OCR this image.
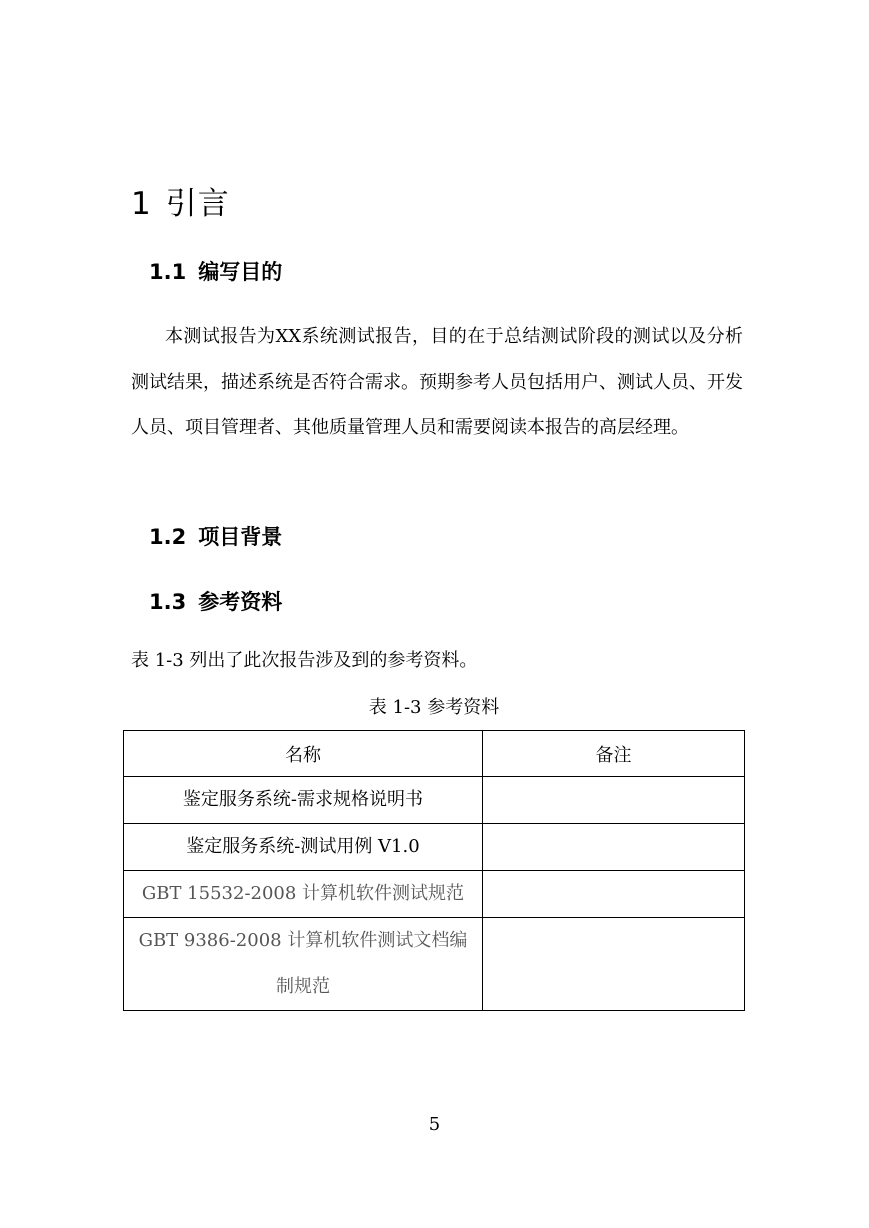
1 引言
1.1 编写目的

本测试报告为XX系统测试报告，目的在于总结测试阶段的测试以及分析测试结果，描述系统是否符合需求。预期参考人员包括用户、测试人员、开发人员、项目管理者、其他质量管理人员和需要阅读本报告的高层经理。

1.2 项目背景
1.3 参考资料
表 1-3 列出了此次报告涉及到的参考资料。
表 1-3 参考资料
名称	备注
鉴定服务系统-需求规格说明书	
鉴定服务系统-测试用例 V1.0	
GBT 15532-2008 计算机软件测试规范	
GBT 9386-2008 计算机软件测试文档编制规范	
5
